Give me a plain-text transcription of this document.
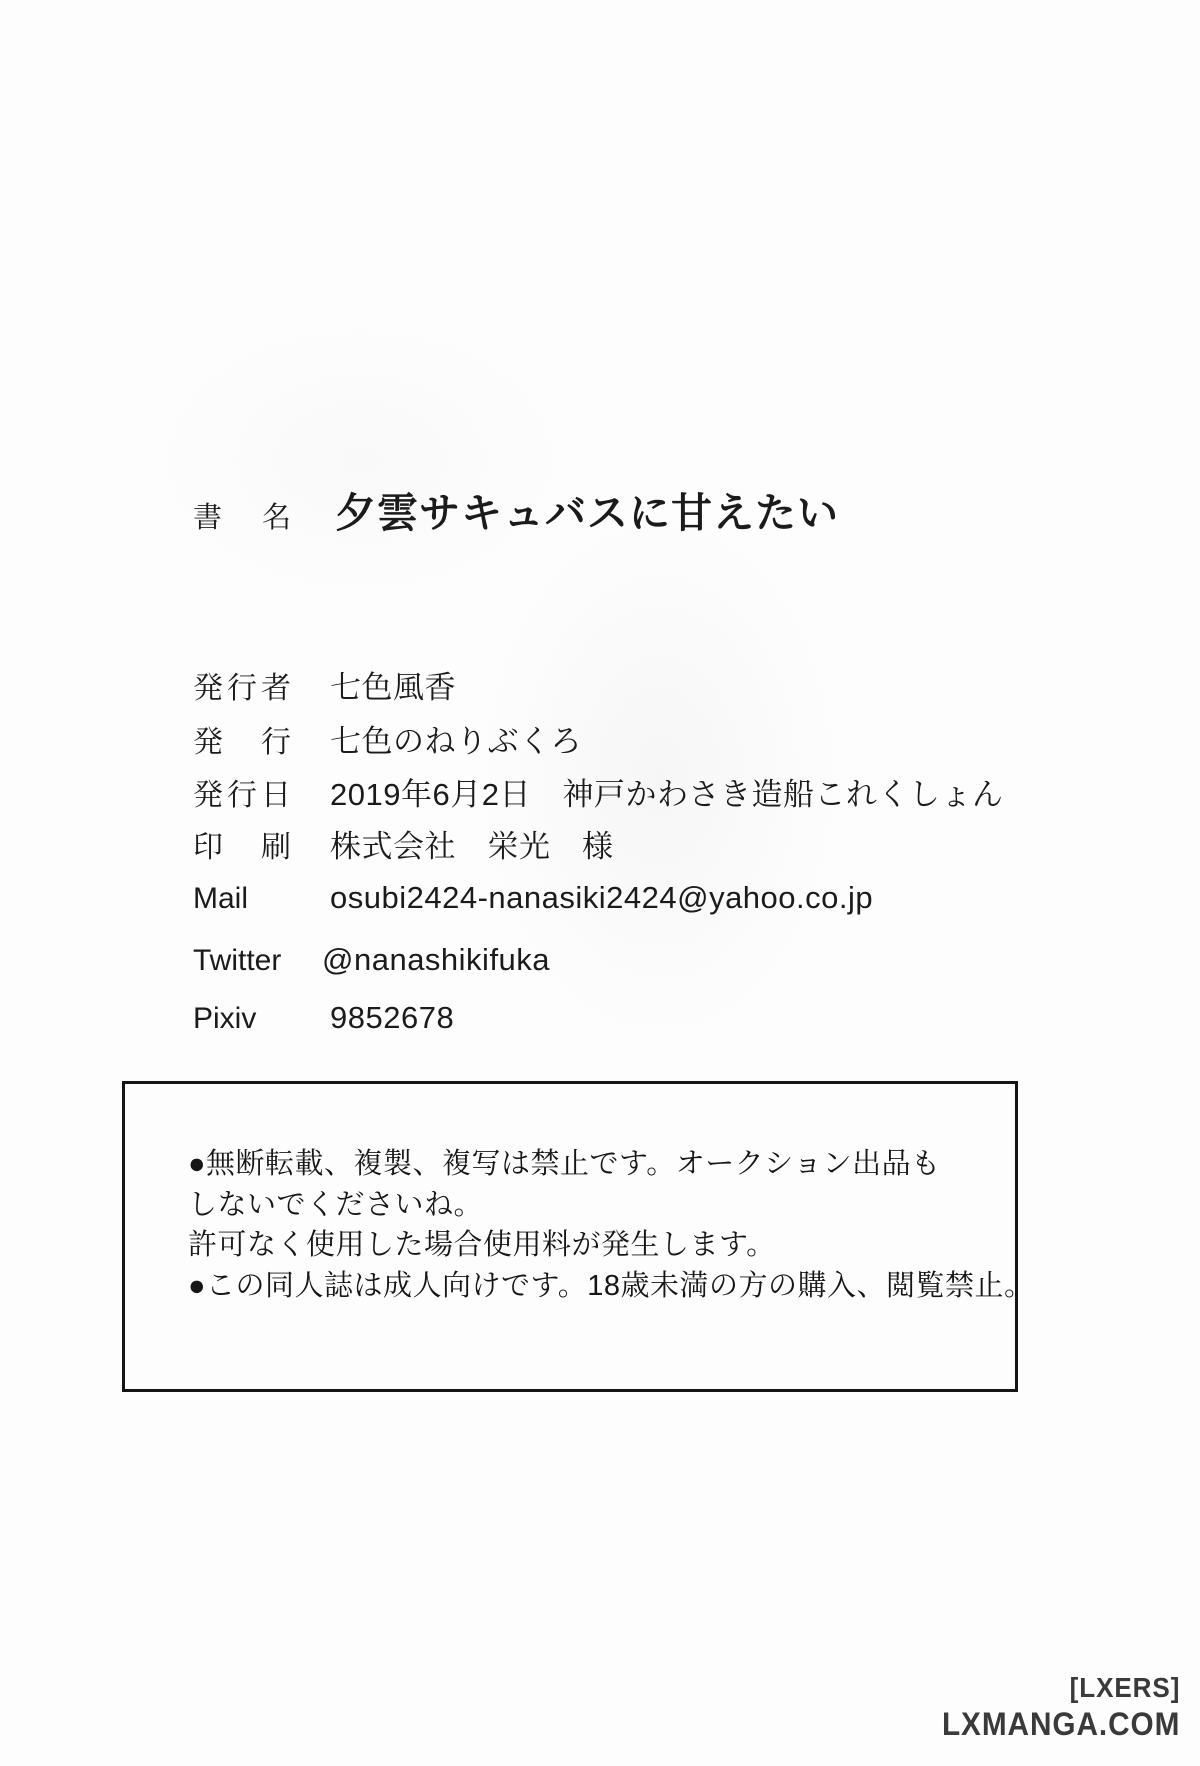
書 名 夕雲サキュバスに甘えたい
発 行 者 七色風香
発 行 七色のねりぶくろ
発 行 日 2019年6月2日　神戸かわさき造船これくしょん
印 刷 株式会社　栄光　様
Mail	osubi2424-nanasiki2424@yahoo.co.jp
Twitter	@nanashikifuka
Pixiv	9852678
●無断転載、複製、複写は禁止です。オークション出品も
しないでくださいね。
許可なく使用した場合使用料が発生します。
●この同人誌は成人向けです。18歳未満の方の購入、閲覧禁止。
[LXERS]
LXMANGA.COM
